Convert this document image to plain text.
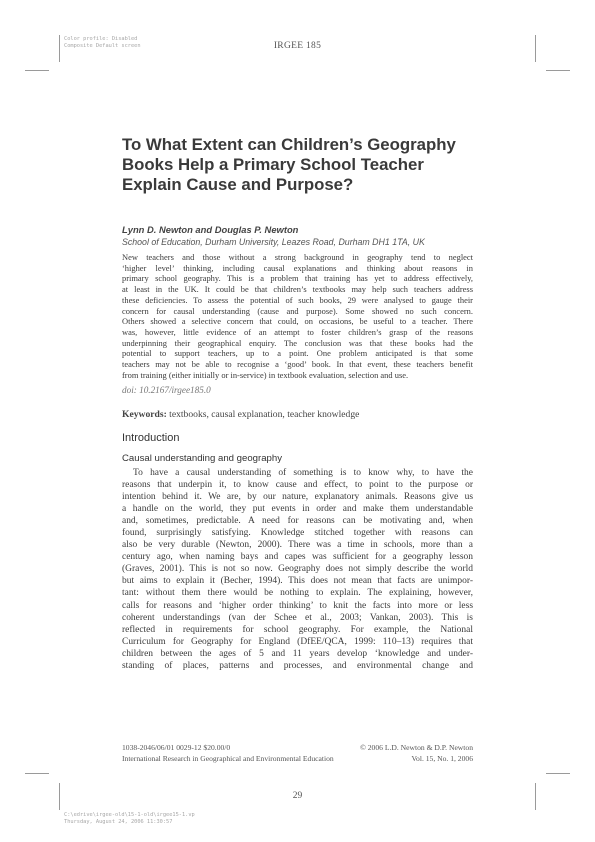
Color profile: Disabled
Composite Default screen	IRGEE 185
To What Extent can Children’s Geography
Books Help a Primary School Teacher
Explain Cause and Purpose?
Lynn D. Newton and Douglas P. Newton
School of Education, Durham University, Leazes Road, Durham DH1 1TA, UK
New teachers and those without a strong background in geography tend to neglect
‘higher level’ thinking, including causal explanations and thinking about reasons in
primary school geography. This is a problem that training has yet to address effectively,
at least in the UK. It could be that children’s textbooks may help such teachers address
these deficiencies. To assess the potential of such books, 29 were analysed to gauge their
concern for causal understanding (cause and purpose). Some showed no such concern.
Others showed a selective concern that could, on occasions, be useful to a teacher. There
was, however, little evidence of an attempt to foster children’s grasp of the reasons
underpinning their geographical enquiry. The conclusion was that these books had the
potential to support teachers, up to a point. One problem anticipated is that some
teachers may not be able to recognise a ‘good’ book. In that event, these teachers benefit
from training (either initially or in-service) in textbook evaluation, selection and use.
doi: 10.2167/irgee185.0
Keywords: textbooks, causal explanation, teacher knowledge
Introduction
Causal understanding and geography
To have a causal understanding of something is to know why, to have the
reasons that underpin it, to know cause and effect, to point to the purpose or
intention behind it. We are, by our nature, explanatory animals. Reasons give us
a handle on the world, they put events in order and make them understandable
and, sometimes, predictable. A need for reasons can be motivating and, when
found, surprisingly satisfying. Knowledge stitched together with reasons can
also be very durable (Newton, 2000). There was a time in schools, more than a
century ago, when naming bays and capes was sufficient for a geography lesson
(Graves, 2001). This is not so now. Geography does not simply describe the world
but aims to explain it (Becher, 1994). This does not mean that facts are unimpor-
tant: without them there would be nothing to explain. The explaining, however,
calls for reasons and ‘higher order thinking’ to knit the facts into more or less
coherent understandings (van der Schee et al., 2003; Vankan, 2003). This is
reflected in requirements for school geography. For example, the National
Curriculum for Geography for England (DfEE/QCA, 1999: 110–13) requires that
children between the ages of 5 and 11 years develop ‘knowledge and under-
standing of places, patterns and processes, and environmental change and
1038-2046/06/01 0029-12 $20.00/0	© 2006 L.D. Newton & D.P. Newton
International Research in Geographical and Environmental Education	Vol. 15, No. 1, 2006
29
C:\edrive\irgee-old\15-1-old\irgee15-1.vp
Thursday, August 24, 2006 11:30:57
